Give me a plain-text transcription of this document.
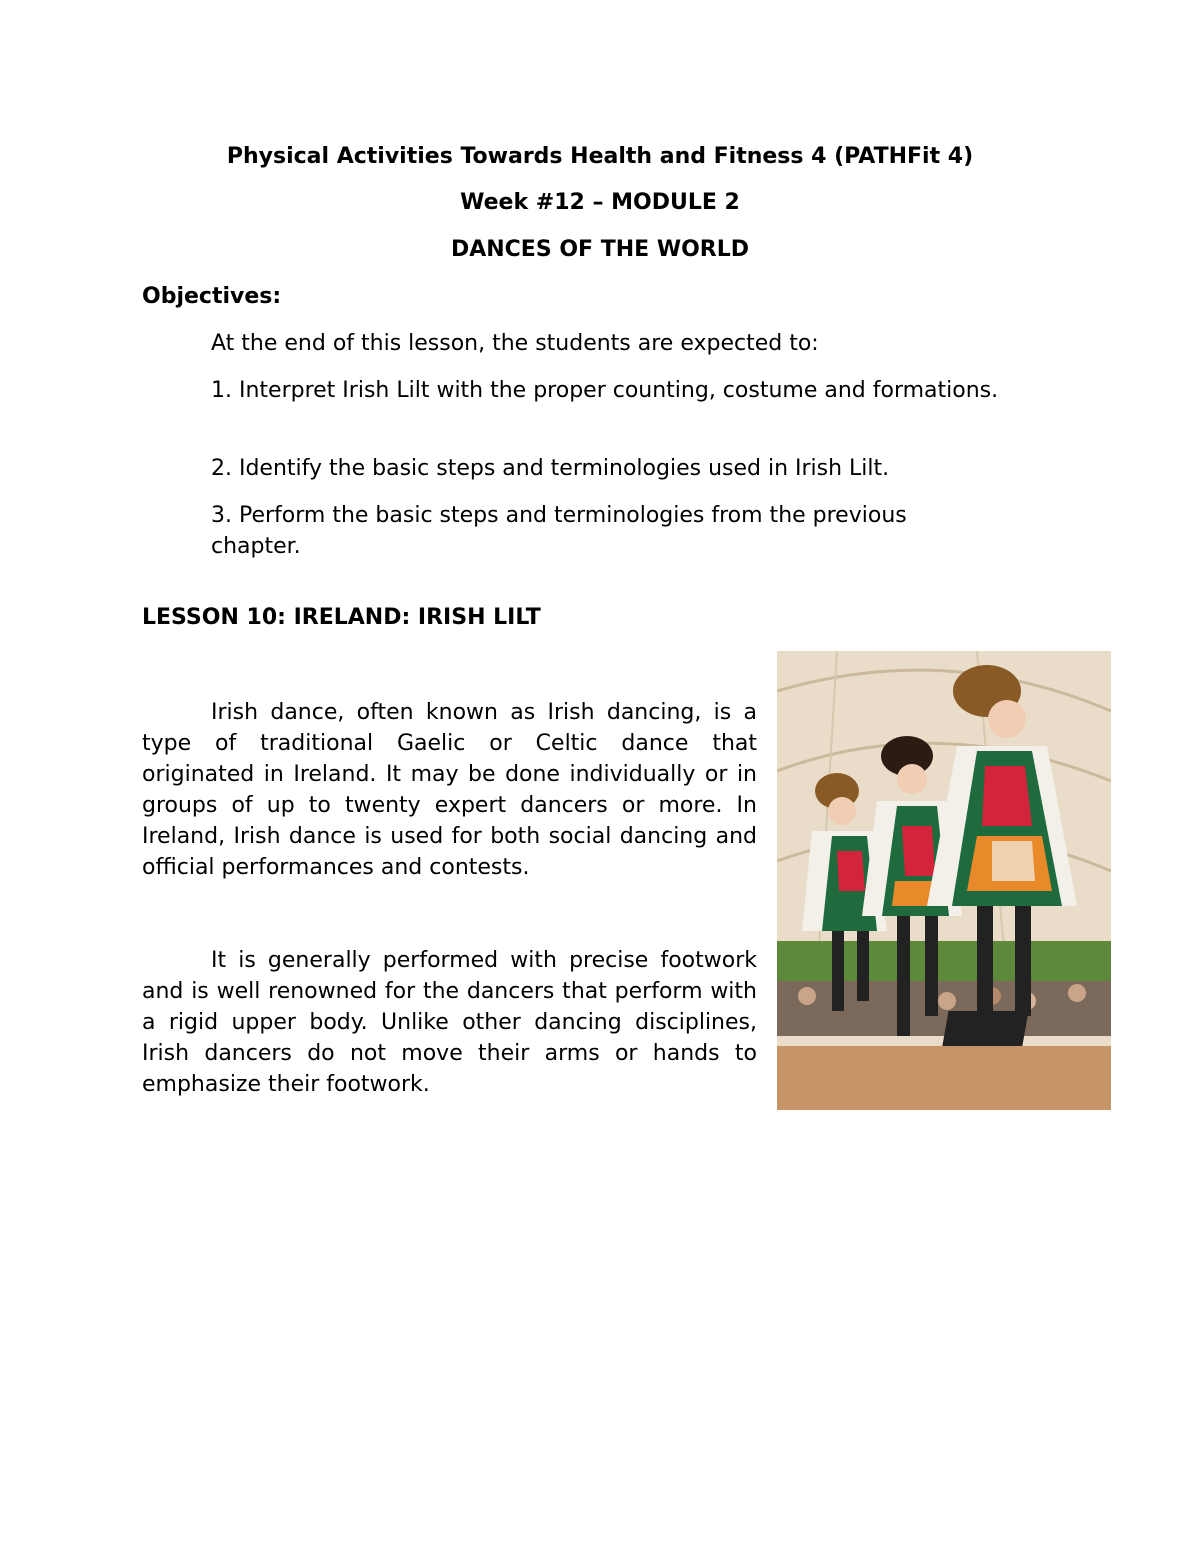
Physical Activities Towards Health and Fitness 4 (PATHFit 4)
Week #12 – MODULE 2
DANCES OF THE WORLD
Objectives:
At the end of this lesson, the students are expected to:
1. Interpret Irish Lilt with the proper counting, costume and formations.
2. Identify the basic steps and terminologies used in Irish Lilt.
3. Perform the basic steps and terminologies from the previous chapter.
LESSON 10: IRELAND: IRISH LILT
Irish dance, often known as Irish dancing, is a type of traditional Gaelic or Celtic dance that originated in Ireland. It may be done individually or in groups of up to twenty expert dancers or more. In Ireland, Irish dance is used for both social dancing and official performances and contests.
It is generally performed with precise footwork and is well renowned for the dancers that perform with a rigid upper body. Unlike other dancing disciplines, Irish dancers do not move their arms or hands to emphasize their footwork.
